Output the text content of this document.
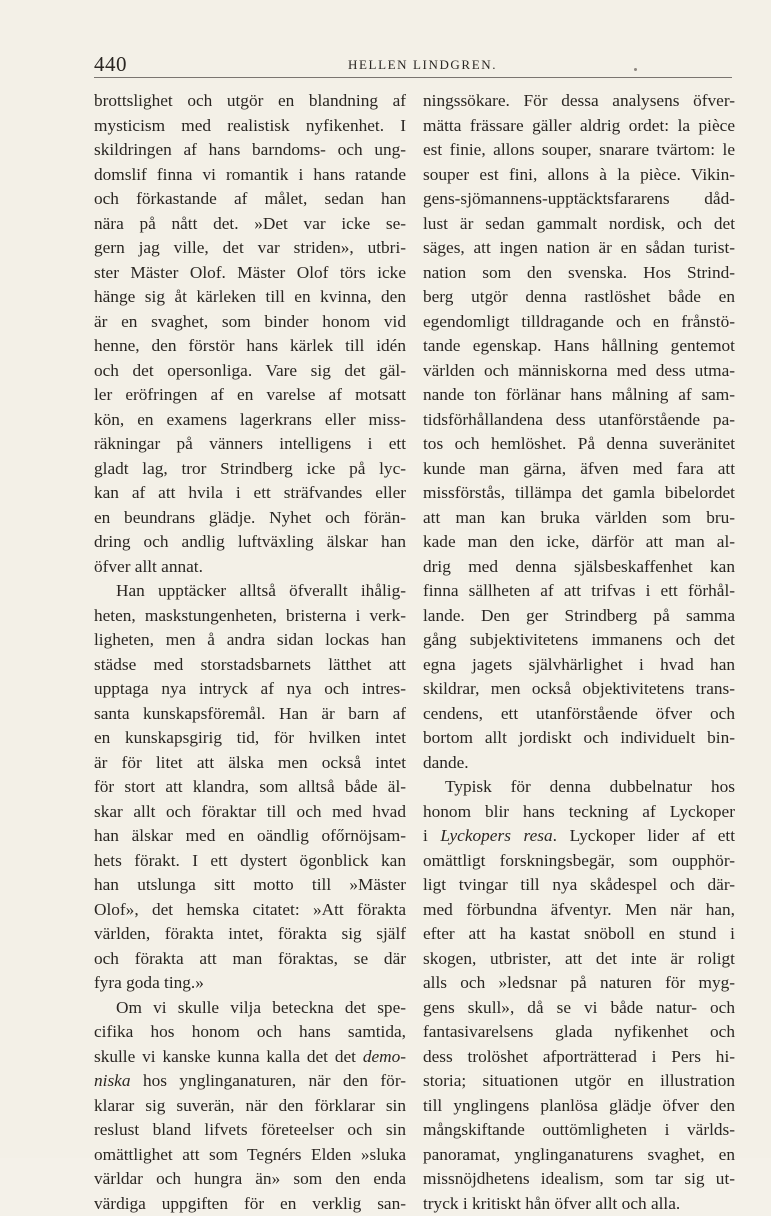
440	HELLEN LINDGREN.
brottslighet och utgör en blandning af
mysticism med realistisk nyfikenhet. I
skildringen af hans barndoms- och ung-
domslif finna vi romantik i hans ratande
och förkastande af målet, sedan han
nära på nått det. »Det var icke se-
gern jag ville, det var striden», utbri-
ster Mäster Olof. Mäster Olof törs icke
hänge sig åt kärleken till en kvinna, den
är en svaghet, som binder honom vid
henne, den förstör hans kärlek till idén
och det opersonliga. Vare sig det gäl-
ler eröfringen af en varelse af motsatt
kön, en examens lagerkrans eller miss-
räkningar på vänners intelligens i ett
gladt lag, tror Strindberg icke på lyc-
kan af att hvila i ett sträfvandes eller
en beundrans glädje. Nyhet och förän-
dring och andlig luftväxling älskar han
öfver allt annat.
Han upptäcker alltså öfverallt ihålig-
heten, maskstungenheten, bristerna i verk-
ligheten, men å andra sidan lockas han
städse med storstadsbarnets lätthet att
upptaga nya intryck af nya och intres-
santa kunskapsföremål. Han är barn af
en kunskapsgirig tid, för hvilken intet
är för litet att älska men också intet
för stort att klandra, som alltså både äl-
skar allt och föraktar till och med hvad
han älskar med en oändlig ofőrnöjsam-
hets förakt. I ett dystert ögonblick kan
han utslunga sitt motto till »Mäster
Olof», det hemska citatet: »Att förakta
världen, förakta intet, förakta sig själf
och förakta att man föraktas, se där
fyra goda ting.»
Om vi skulle vilja beteckna det spe-
cifika hos honom och hans samtida,
skulle vi kanske kunna kalla det det demo-
niska hos ynglinganaturen, när den för-
klarar sig suverän, när den förklarar sin
reslust bland lifvets företeelser och sin
omättlighet att som Tegnérs Elden »sluka
världar och hungra än» som den enda
värdiga uppgiften för en verklig san-
ningssökare. För dessa analysens öfver-
mätta frässare gäller aldrig ordet: la pièce
est finie, allons souper, snarare tvärtom: le
souper est fini, allons à la pièce. Vikin-
gens-sjömannens-upptäcktsfararens dåd-
lust är sedan gammalt nordisk, och det
säges, att ingen nation är en sådan turist-
nation som den svenska. Hos Strind-
berg utgör denna rastlöshet både en
egendomligt tilldragande och en frånstö-
tande egenskap. Hans hållning gentemot
världen och människorna med dess utma-
nande ton förlänar hans målning af sam-
tidsförhållandena dess utanförstående pa-
tos och hemlöshet. På denna suveränitet
kunde man gärna, äfven med fara att
missförstås, tillämpa det gamla bibelordet
att man kan bruka världen som bru-
kade man den icke, därför att man al-
drig med denna själsbeskaffenhet kan
finna sällheten af att trifvas i ett förhål-
lande. Den ger Strindberg på samma
gång subjektivitetens immanens och det
egna jagets självhärlighet i hvad han
skildrar, men också objektivitetens trans-
cendens, ett utanförstående öfver och
bortom allt jordiskt och individuelt bin-
dande.
Typisk för denna dubbelnatur hos
honom blir hans teckning af Lyckoper
i Lyckopers resa. Lyckoper lider af ett
omättligt forskningsbegär, som oupphör-
ligt tvingar till nya skådespel och där-
med förbundna äfventyr. Men när han,
efter att ha kastat snöboll en stund i
skogen, utbrister, att det inte är roligt
alls och »ledsnar på naturen för myg-
gens skull», då se vi både natur- och
fantasivarelsens glada nyfikenhet och
dess trolöshet afporträtterad i Pers hi-
storia; situationen utgör en illustration
till ynglingens planlösa glädje öfver den
mångskiftande outtömligheten i världs-
panoramat, ynglinganaturens svaghet, en
missnöjdhetens idealism, som tar sig ut-
tryck i kritiskt hån öfver allt och alla.
